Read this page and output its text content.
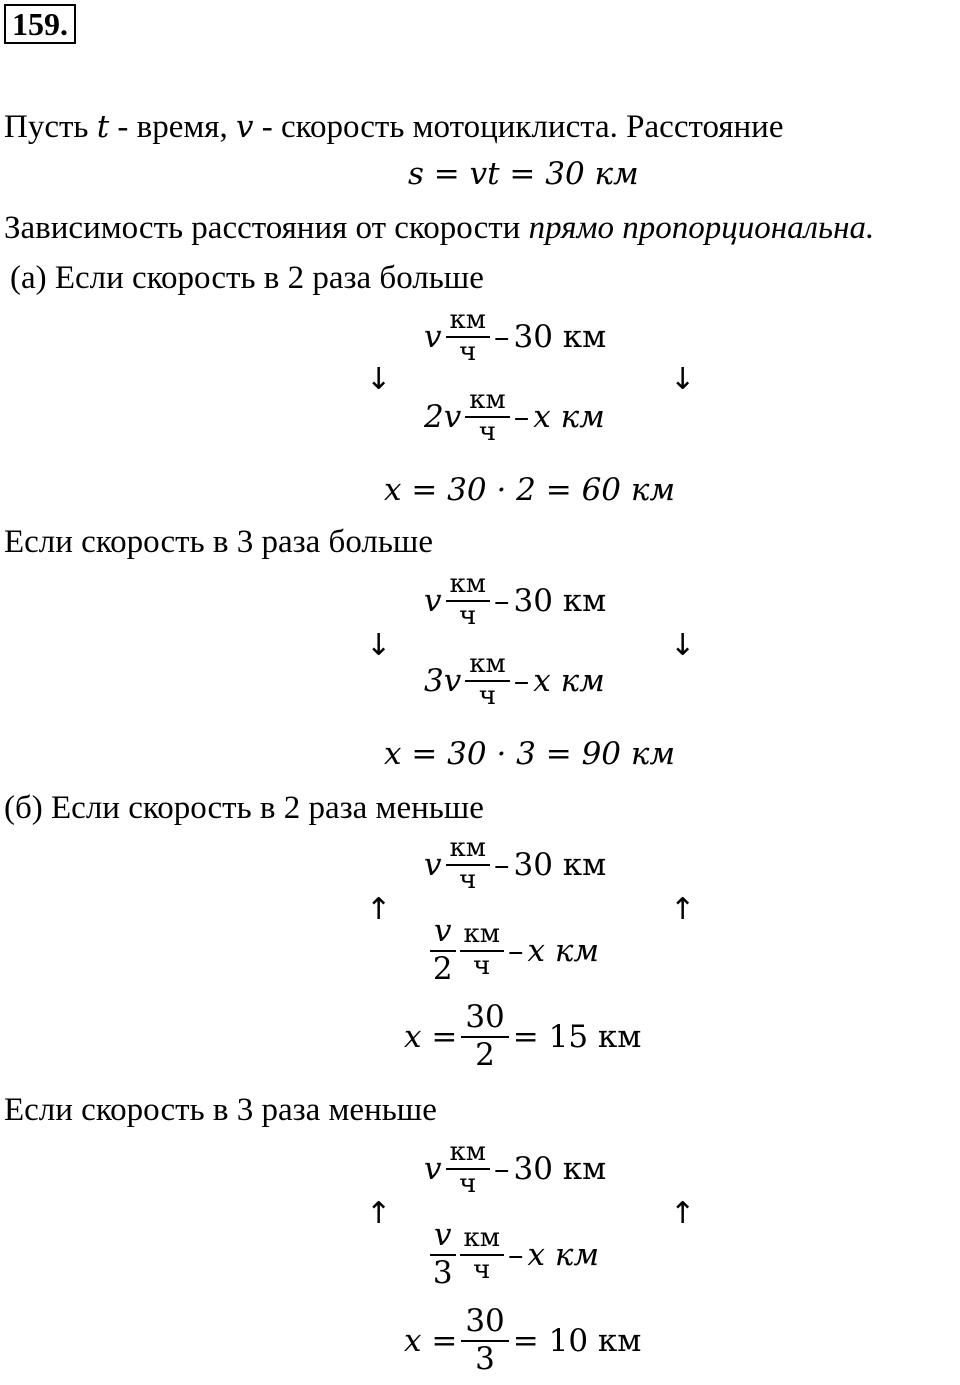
159.
Пусть t - время, v - скорость мотоциклиста. Расстояние
s = vt = 30 км
Зависимость расстояния от скорости прямо пропорциональна.
(а) Если скорость в 2 раза больше
v $\frac{км}{ч} - 30$ км
↓	↓
$2v \frac{км}{ч}$ – x км
x = 30 · 2 = 60 км
Если скорость в 3 раза больше
v $\frac{км}{ч} - 30$ км
↓	↓
$3v \frac{км}{ч}$ – x км
x = 30 · 3 = 90 км
(б) Если скорость в 2 раза меньше
v $\frac{км}{ч} - 30$ км
↑	↑
$\frac{v}{2} \frac{км}{ч}$ – x км
$x = \frac{30}{2} = 15$ км
Если скорость в 3 раза меньше
v $\frac{км}{ч} - 30$ км
↑	↑
$\frac{v}{3} \frac{км}{ч}$ – x км
$x = \frac{30}{3} = 10$ км
